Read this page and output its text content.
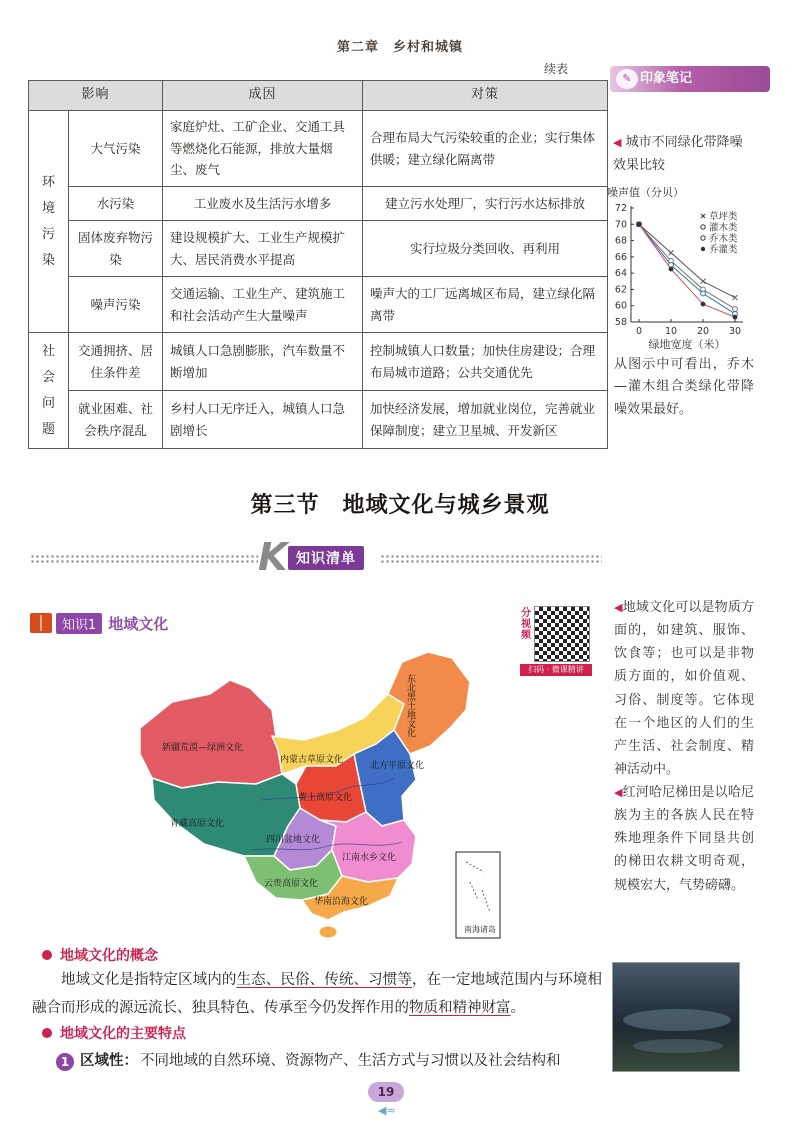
第二章　乡村和城镇
续表
✎ 印象笔记
影响		成因	对策

环境污染	大气污染	家庭炉灶、工矿企业、交通工具等燃烧化石能源，排放大量烟尘、废气	合理布局大气污染较重的企业；实行集体供暖；建立绿化隔离带
	水污染	工业废水及生活污水增多	建立污水处理厂，实行污水达标排放
	固体废弃物污染	建设规模扩大、工业生产规模扩大、居民消费水平提高	实行垃圾分类回收、再利用
	噪声污染	交通运输、工业生产、建筑施工和社会活动产生大量噪声	噪声大的工厂远离城区布局，建立绿化隔离带

社会问题	交通拥挤、居住条件差	城镇人口急剧膨胀，汽车数量不断增加	控制城镇人口数量；加快住房建设；合理布局城市道路；公共交通优先
	就业困难、社会秩序混乱	乡村人口无序迁入，城镇人口急剧增长	加快经济发展，增加就业岗位，完善就业保障制度；建立卫星城、开发新区
◀ 城市不同绿化带降噪效果比较
噪声值（分贝）
58
60
62
64
66
68
70
72
0 10 20 30
草坪类
灌木类
乔木类
乔灌类
绿地宽度（米）
从图示中可看出，乔木—灌木组合类绿化带降噪效果最好。
第三节　地域文化与城乡景观
K 知识清单
知识1 地域文化
分视频
扫码 · 微课精讲
新疆荒漠—绿洲文化
内蒙古草原文化
北方平原文化
黄土高原文化
青藏高原文化
四川盆地文化
江南水乡文化
云贵高原文化
华南沿海文化
东北黑土地文化
南海诸岛

◀地域文化可以是物质方面的，如建筑、服饰、饮食等；也可以是非物质方面的，如价值观、习俗、制度等。它体现在一个地区的人们的生产生活、社会制度、精神活动中。

◀红河哈尼梯田是以哈尼族为主的各族人民在特殊地理条件下同垦共创的梯田农耕文明奇观，规模宏大，气势磅礴。

地域文化的概念

地域文化是指特定区域内的生态、民俗、传统、习惯等，在一定地域范围内与环境相融合而形成的源远流长、独具特色、传承至今仍发挥作用的物质和精神财富。

地域文化的主要特点
1 区域性： 不同地域的自然环境、资源物产、生活方式与习惯以及社会结构和
19
◀≈
